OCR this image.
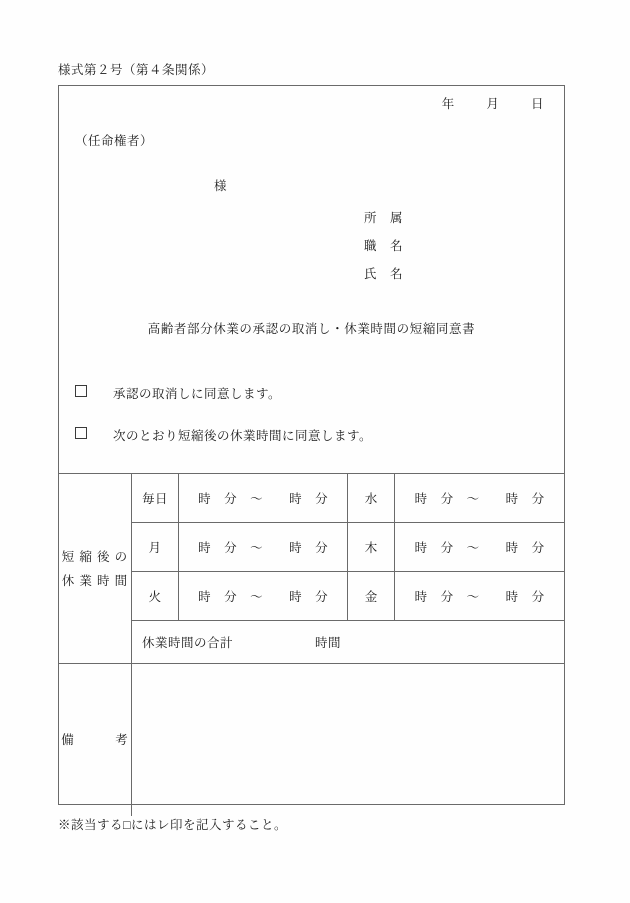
様式第２号（第４条関係）
年	月	日
（任命権者）
様
所　属
職　名
氏　名
高齢者部分休業の承認の取消し・休業時間の短縮同意書
承認の取消しに同意します。
次のとおり短縮後の休業時間に同意します。
短 縮 後 の
休 業 時 間	毎日	時　分　～　　時　分	水	時　分　～　　時　分
	月	時　分　～　　時　分	木	時　分　～　　時　分
	火	時　分　～　　時　分	金	時　分　～　　時　分

	休業時間の合計 時間			

備　　　考				
※該当する□にはレ印を記入すること。
